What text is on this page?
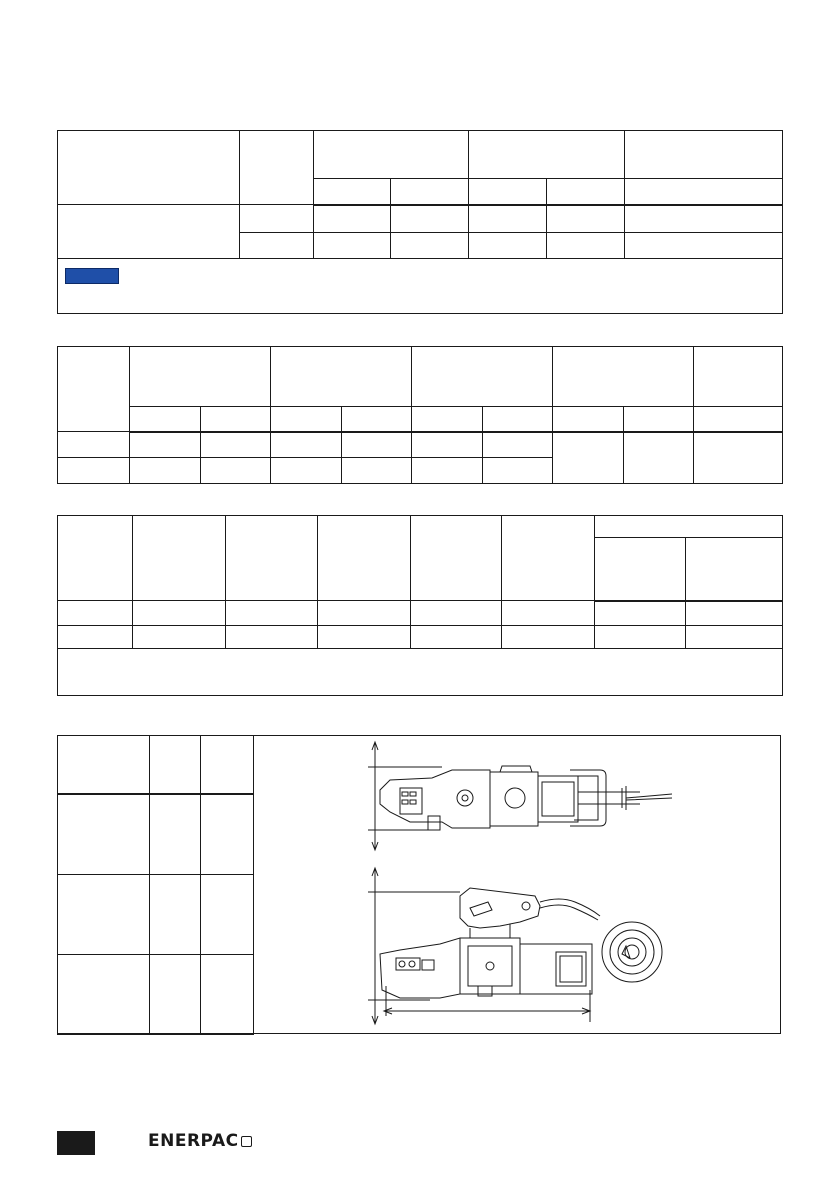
ENERPAC
